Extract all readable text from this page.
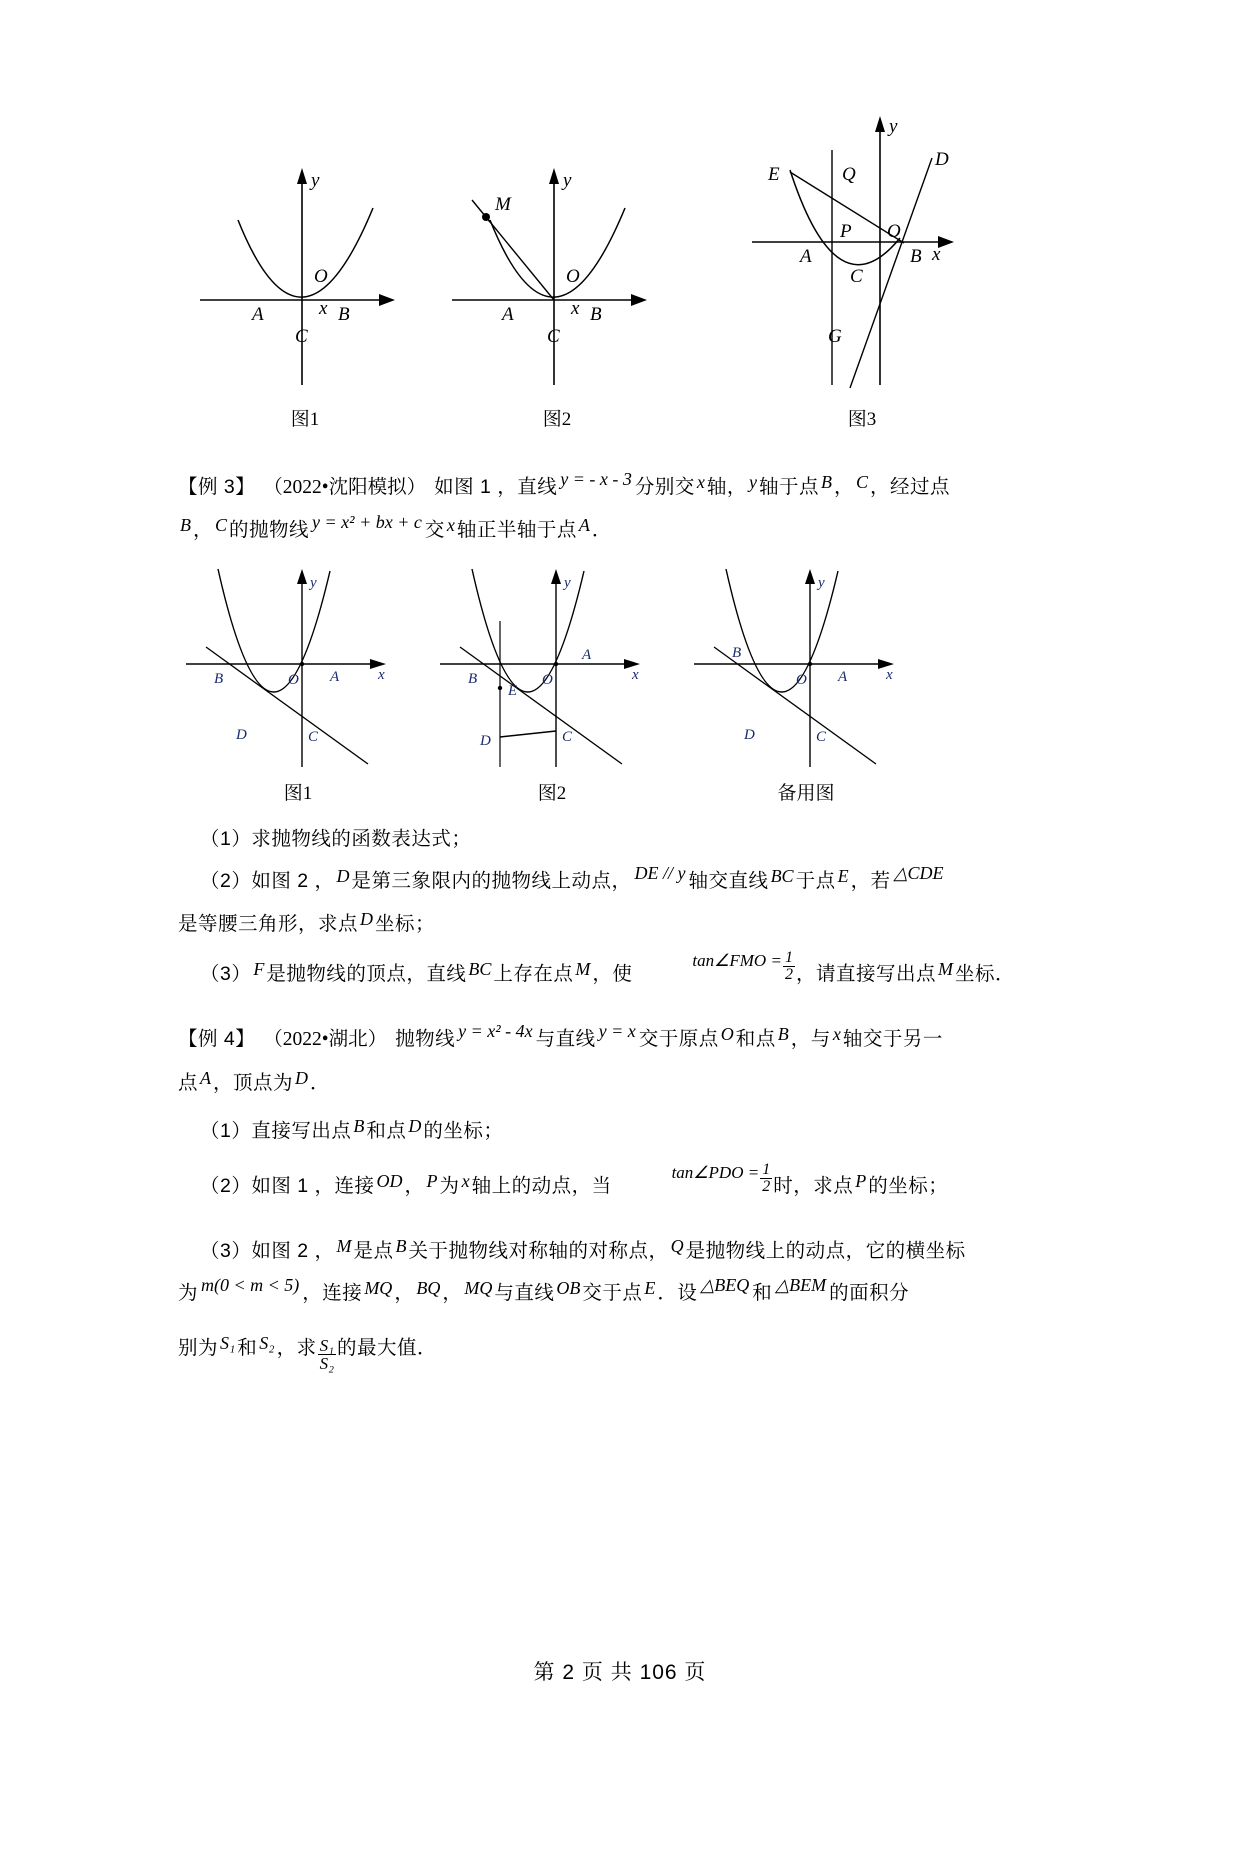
O
x
y
A	B
C
图1
M
O
x
y
A	B
C
图2
E	Q
D
P O
A	B
C
G
y
x
图3
【例 3】 （2022•沈阳模拟） 如图 1 ，直线 y = - x - 3 分别交 x 轴， y 轴于点 B ， C ，经过点
B ， C 的抛物线 y = x² + bx + c 交 x 轴正半轴于点 A ．
B	O A	x
y
D	C
图1
B	O
A
x
y
E
D	C
图2
B
O A	x
y
D	C
备用图
（1）求抛物线的函数表达式；
（2）如图 2 ， D 是第三象限内的抛物线上动点， DE // y 轴交直线 BC 于点 E ，若 △CDE
是等腰三角形，求点 D 坐标；
（3） F 是抛物线的顶点，直线 BC 上存在点 M ，使
tan∠FMO = $\frac{1}{2}$ ，请直接写出点 M 坐标．
【例 4】 （2022•湖北） 抛物线 y = x² - 4x 与直线 y = x 交于原点 O 和点 B ，与 x 轴交于另一
点 A ，顶点为 D ．
（1）直接写出点 B 和点 D 的坐标；
（2）如图 1 ，连接 OD ， P 为 x 轴上的动点，当
tan∠PDO = $\frac{1}{2}$ 时，求点 P 的坐标；
（3）如图 2 ， M 是点 B 关于抛物线对称轴的对称点， Q 是抛物线上的动点，它的横坐标
为 m(0 < m < 5) ，连接 MQ ， BQ ， MQ 与直线 OB 交于点 E ．设 △BEQ 和 △BEM 的面积分
别为 S₁ 和 S₂ ，求 $\frac{\text{S₁}}{\text{S₂}}$ 的最大值．
第 2 页 共 106 页
